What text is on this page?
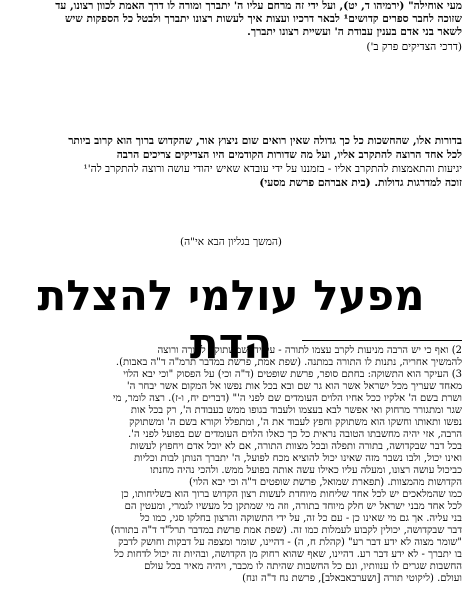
מעי אוחילה" (ירמיהו ד, יט), ועל ידי זה מרחם עליו ה' יתברך ומורה לו דרך האמת לכוון רצונו, עד
שזוכה לחבר ספרים קדושים¹ לבאר דרכיו ועצות איך לעשות רצונו יתברך ולבטל כל הספקות שיש
לשאר בני אדם בענין עבודת ה' ועשיית רצונו יתברך.
(דרכי הצדיקים פרק ב')
בדורות אלו, שהחשכות כל כך גדולה שאין רואים שום ניצוץ אור, שהקדוש ברוך הוא קרוב ביותר
לכל אחד הרוצה להתקרב אליו, ועל מה שדורות הקודמים היו הצדיקים צריכים הרבה
יגיעות והתאמצות להתקרב אליו - בזמננו על ידי עובדא שאיש יהודי עושה ורוצה להתקרב לה'¹
זוכה למדרגות גדולות. (בית אברהם פרשת מסעי)
(המשך בגליון הבא אי"ה)
מפעל עולמי להצלת הדת
2) ואף כי יש הרבה מניעות לקרב עצמו לתורה - על ידי שמשתוקק לתורה ורוצה
להמשיך אחריה, נתנות לו התורה במתנה. (שפת אמת, פרשת במדבר תרמ"ה ד"ה באבות).
3) העיקר הוא התשוקה: בחתם סופר, פרשת שופטים (ד"ה וכי) על הפסוק "וכי יבא הלוי
מאחד שעריך מכל ישראל אשר הוא גר שם ובא בכל אות נפשו אל המקום אשר יבחר ה'
ושרת בשם ה' אלקיו ככל אחיו הלוים העומדים שם לפני ה'" (דברים יח, ו-ז). רצה לומר, מי
שגר ומתגורר מרחוק ואי אפשר לבא בעצמו ולעבוד בגופו ממש בעבודת ה', רק בכל אות
נפשו ותאותו וחשקו הוא משתוקק וחפץ לעבוד את ה', ומתפלל וקורא בשם ה' ומשתוקק
הרבה, אזי יהיה מחשבתו הטובה נראית כל כך כאלו הלוים העומדים שם בפועל לפני ה'.
בכל דבר שבקדושה, בתורה ותפלה ובכל מצוות התורה, אם לא יוכל אדם ויחפוץ לעשות
ואינו יכול, ולבו נשבר מזה שאינו יכול להוציא מכח לפועל, ה' יתברך הנותן לבות וכליות
כביכול עושה רצונו, ומעלה עליו כאילו עשה אותה בפועל ממש. ולהכי נהיה מחנתו
הקדושות מהמצוות. (תפארת שמואל, פרשת שופטים ד"ה וכי יבא הלוי)
כמו שהמלאכים יש לכל אחד שליחות מיוחדת לעשות רצון הקדוש ברוך הוא בשליחותו, כן
לכל אחד מבני ישראל יש חלק מיוחד בתורה, וזה מי שמתקן כל מעשיו לגמרי, ומעטין הם
בני עליה. אך גם מי שאינו כן - עם כל זה, על ידי התשוקה והרצון בחלקו סגי, כמו כל
דבר שבקדושה, יכולין לקבוע לעמלות כמו זה. (שפת אמת פרשת במדבר תרל"ד ד"ה בתורה)
"שומר מצוה לא ידע דבר רע" (קהלת ח, ה) - דהיינו, שומר ומצפה על דבקות וחושק לדבק
בו יתברך - לא ידע דבר רע. דהיינו, שאף שהוא רחוק מן הקדושה, ובהיות זה יכול לדחות כל
החשבות שגרים לו ענוותיו, ונם כל החשבות שהיתה לו מכבר, ויהיה מאיר בכל עולם
ועולם. (ליקוטי תורה [ושערבאבאלב], פרשת נח ד"ה ונח)
